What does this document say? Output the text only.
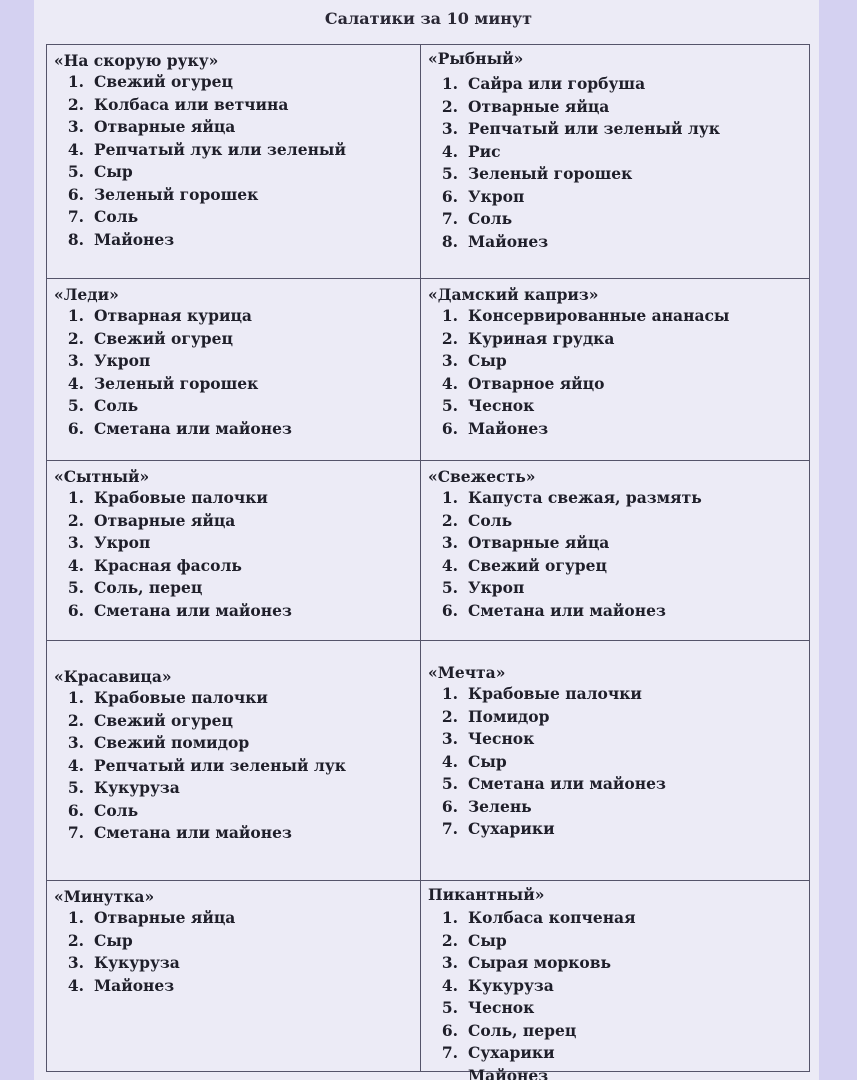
Салатики за 10 минут
«На скорую руку»
1. Свежий огурец
2. Колбаса или ветчина
3. Отварные яйца
4. Репчатый лук или зеленый
5. Сыр
6. Зеленый горошек
7. Соль
8. Майонез
«Рыбный»
1. Сайра или горбуша
2. Отварные яйца
3. Репчатый или зеленый лук
4. Рис
5. Зеленый горошек
6. Укроп
7. Соль
8. Майонез
«Леди»
1. Отварная курица
2. Свежий огурец
3. Укроп
4. Зеленый горошек
5. Соль
6. Сметана или майонез
«Дамский каприз»
1. Консервированные ананасы
2. Куриная грудка
3. Сыр
4. Отварное яйцо
5. Чеснок
6. Майонез
«Сытный»
1. Крабовые палочки
2. Отварные яйца
3. Укроп
4. Красная фасоль
5. Соль, перец
6. Сметана или майонез
«Свежесть»
1. Капуста свежая, размять
2. Соль
3. Отварные яйца
4. Свежий огурец
5. Укроп
6. Сметана или майонез
«Красавица»
1. Крабовые палочки
2. Свежий огурец
3. Свежий помидор
4. Репчатый или зеленый лук
5. Кукуруза
6. Соль
7. Сметана или майонез
«Мечта»
1. Крабовые палочки
2. Помидор
3. Чеснок
4. Сыр
5. Сметана или майонез
6. Зелень
7. Сухарики
«Минутка»
1. Отварные яйца
2. Сыр
3. Кукуруза
4. Майонез
Пикантный»
1. Колбаса копченая
2. Сыр
3. Сырая морковь
4. Кукуруза
5. Чеснок
6. Соль, перец
7. Сухарики
Майонез
